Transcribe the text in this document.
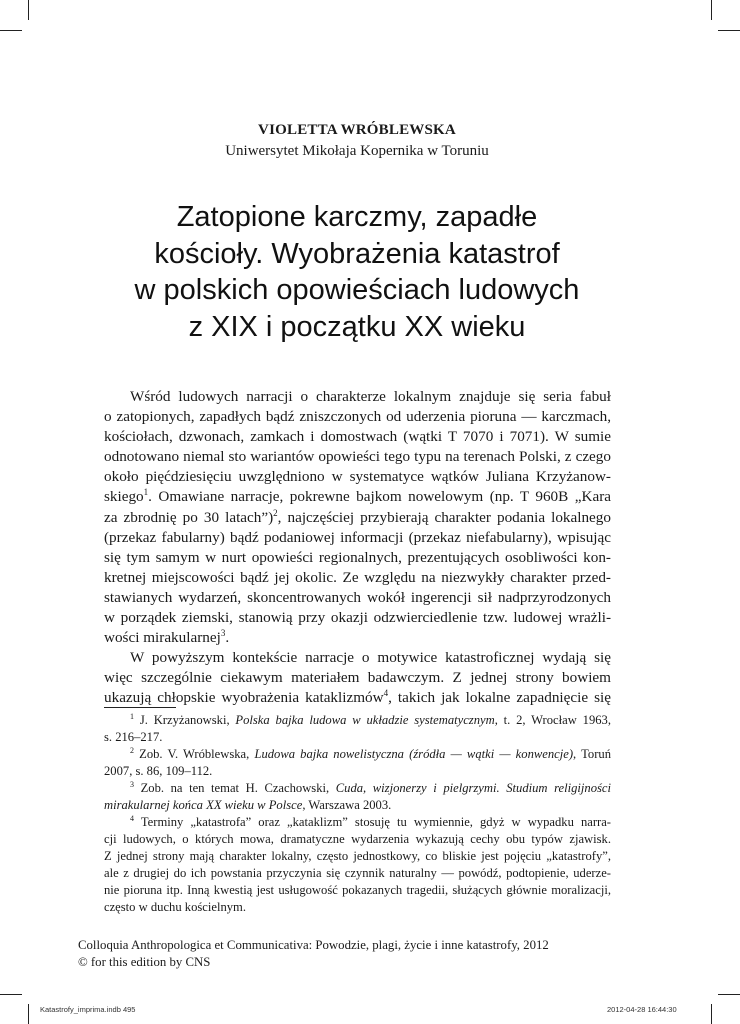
VIOLETTA WRÓBLEWSKA
Uniwersytet Mikołaja Kopernika w Toruniu
Zatopione karczmy, zapadłe
kościoły. Wyobrażenia katastrof
w polskich opowieściach ludowych
z XIX i początku XX wieku
Wśród ludowych narracji o charakterze lokalnym znajduje się seria fabuł
o zatopionych, zapadłych bądź zniszczonych od uderzenia pioruna — karczmach,
kościołach, dzwonach, zamkach i domostwach (wątki T 7070 i 7071). W sumie
odnotowano niemal sto wariantów opowieści tego typu na terenach Polski, z czego
około pięćdziesięciu uwzględniono w systematyce wątków Juliana Krzyżanow-
skiego$^1$. Omawiane narracje, pokrewne bajkom nowelowym (np. T 960B „Kara
za zbrodnię po 30 latach”)$^2$, najczęściej przybierają charakter podania lokalnego
(przekaz fabularny) bądź podaniowej informacji (przekaz niefabularny), wpisując
się tym samym w nurt opowieści regionalnych, prezentujących osobliwości kon-
kretnej miejscowości bądź jej okolic. Ze względu na niezwykły charakter przed-
stawianych wydarzeń, skoncentrowanych wokół ingerencji sił nadprzyrodzonych
w porządek ziemski, stanowią przy okazji odzwierciedlenie tzw. ludowej wrażli-
wości mirakularnej$^3$.
W powyższym kontekście narracje o motywice katastroficznej wydają się
więc szczególnie ciekawym materiałem badawczym. Z jednej strony bowiem
ukazują chłopskie wyobrażenia kataklizmów$^4$, takich jak lokalne zapadnięcie się
$^1$ J. Krzyżanowski, Polska bajka ludowa w układzie systematycznym, t. 2, Wrocław 1963,
s. 216–217.
$^2$ Zob. V. Wróblewska, Ludowa bajka nowelistyczna (źródła — wątki — konwencje), Toruń
2007, s. 86, 109–112.
$^3$ Zob. na ten temat H. Czachowski, Cuda, wizjonerzy i pielgrzymi. Studium religijności
mirakularnej końca XX wieku w Polsce, Warszawa 2003.
$^4$ Terminy „katastrofa” oraz „kataklizm” stosuję tu wymiennie, gdyż w wypadku narra-
cji ludowych, o których mowa, dramatyczne wydarzenia wykazują cechy obu typów zjawisk.
Z jednej strony mają charakter lokalny, często jednostkowy, co bliskie jest pojęciu „katastrofy”,
ale z drugiej do ich powstania przyczynia się czynnik naturalny — powódź, podtopienie, uderze-
nie pioruna itp. Inną kwestią jest usługowość pokazanych tragedii, służących głównie moralizacji,
często w duchu kościelnym.
Colloquia Anthropologica et Communicativa: Powodzie, plagi, życie i inne katastrofy, 2012
© for this edition by CNS
Katastrofy_imprima.indb 495	2012-04-28 16:44:30
